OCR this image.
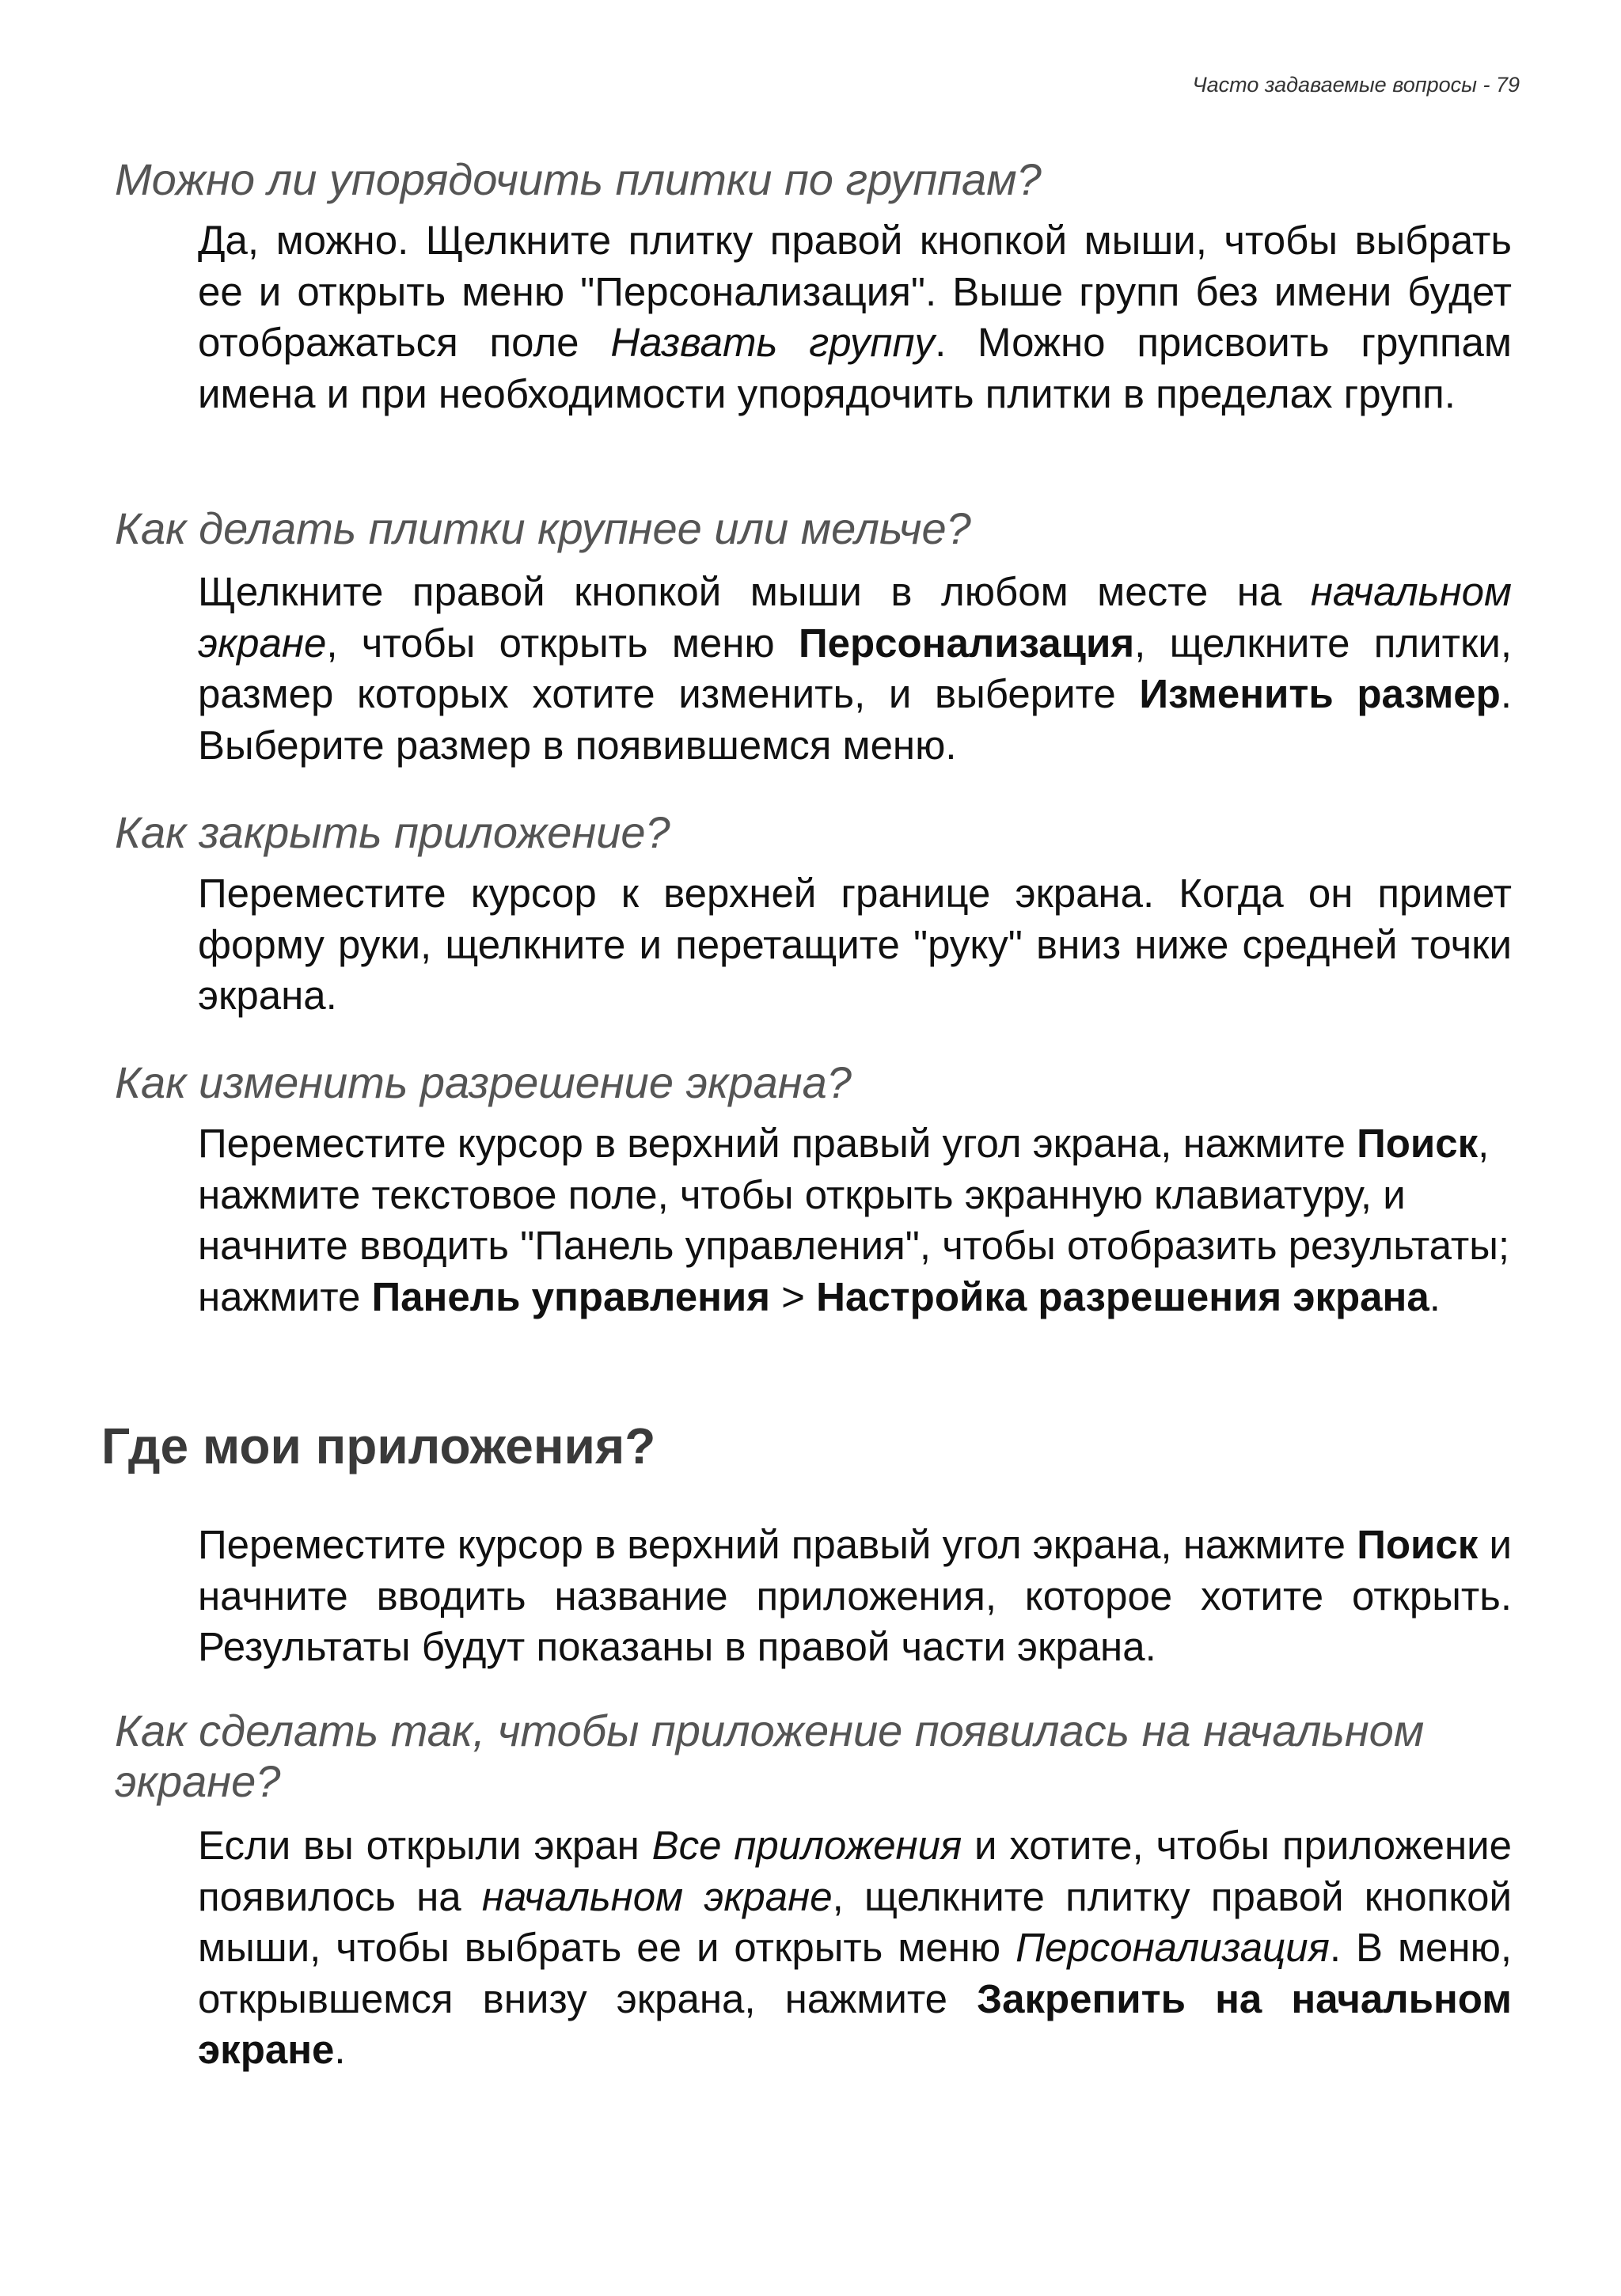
Часто задаваемые вопросы - 79
Можно ли упорядочить плитки по группам?
Да, можно. Щелкните плитку правой кнопкой мыши, чтобы выбрать ее и открыть меню "Персонализация". Выше групп без имени будет отображаться поле Назвать группу. Можно присвоить группам имена и при необходимости упорядочить плитки в пределах групп.
Как делать плитки крупнее или мельче?
Щелкните правой кнопкой мыши в любом месте на начальном экране, чтобы открыть меню Персонализация, щелкните плитки, размер которых хотите изменить, и выберите Изменить размер. Выберите размер в появившемся меню.
Как закрыть приложение?
Переместите курсор к верхней границе экрана. Когда он примет форму руки, щелкните и перетащите "руку" вниз ниже средней точки экрана.
Как изменить разрешение экрана?
Переместите курсор в верхний правый угол экрана, нажмите Поиск, нажмите текстовое поле, чтобы открыть экранную клавиатуру, и начните вводить "Панель управления", чтобы отобразить результаты; нажмите Панель управления > Настройка разрешения экрана.
Где мои приложения?
Переместите курсор в верхний правый угол экрана, нажмите Поиск и начните вводить название приложения, которое хотите открыть. Результаты будут показаны в правой части экрана.
Как сделать так, чтобы приложение появилась на начальном экране?
Если вы открыли экран Все приложения и хотите, чтобы приложение появилось на начальном экране, щелкните плитку правой кнопкой мыши, чтобы выбрать ее и открыть меню Персонализация. В меню, открывшемся внизу экрана, нажмите Закрепить на начальном экране.
